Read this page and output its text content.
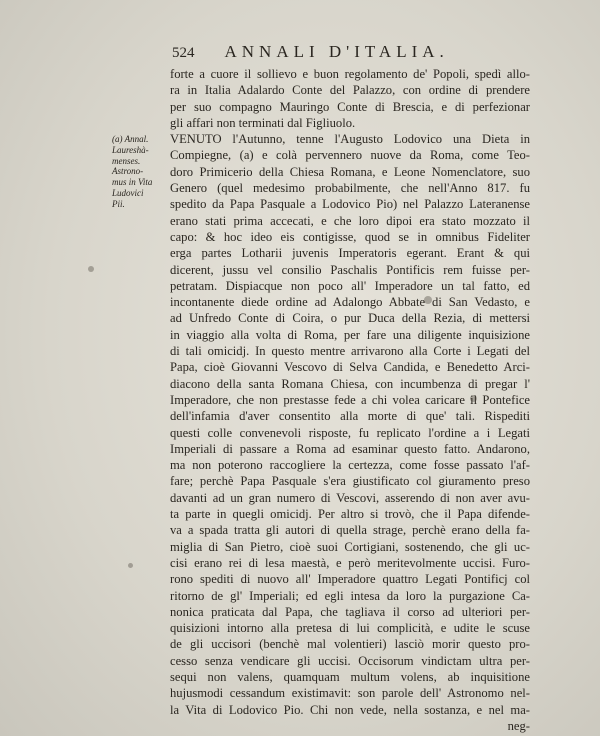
524 ANNALI D'ITALIA.
(a) Annal.
Laureshà-
menses.
Astrono-
mus in Vita
Ludovici
Pii.
forte a cuore il sollievo e buon regolamento de' Popoli, spedì allo-
ra in Italia Adalardo Conte del Palazzo, con ordine di prendere
per suo compagno Mauringo Conte di Brescia, e di perfezionar
gli affari non terminati dal Figliuolo.
VENUTO l'Autunno, tenne l'Augusto Lodovico una Dieta in
Compiegne, (a) e colà pervennero nuove da Roma, come Teo-
doro Primicerio della Chiesa Romana, e Leone Nomenclatore, suo
Genero (quel medesimo probabilmente, che nell'Anno 817. fu
spedito da Papa Pasquale a Lodovico Pio) nel Palazzo Lateranense
erano stati prima accecati, e che loro dipoi era stato mozzato il
capo: & hoc ideo eis contigisse, quod se in omnibus Fideliter
erga partes Lotharii juvenis Imperatoris egerant. Erant & qui
dicerent, jussu vel consilio Paschalis Pontificis rem fuisse per-
petratam. Dispiacque non poco all' Imperadore un tal fatto, ed
incontanente diede ordine ad Adalongo Abbate di San Vedasto, e
ad Unfredo Conte di Coira, o pur Duca della Rezia, di mettersi
in viaggio alla volta di Roma, per fare una diligente inquisizione
di tali omicidj. In questo mentre arrivarono alla Corte i Legati del
Papa, cioè Giovanni Vescovo di Selva Candida, e Benedetto Arci-
diacono della santa Romana Chiesa, con incumbenza di pregar l'
Imperadore, che non prestasse fede a chi volea caricare il Pontefice
dell'infamia d'aver consentito alla morte di que' tali. Rispediti
questi colle convenevoli risposte, fu replicato l'ordine a i Legati
Imperiali di passare a Roma ad esaminar questo fatto. Andarono,
ma non poterono raccogliere la certezza, come fosse passato l'af-
fare; perchè Papa Pasquale s'era giustificato col giuramento preso
davanti ad un gran numero di Vescovi, asserendo di non aver avu-
ta parte in quegli omicidj. Per altro si trovò, che il Papa difende-
va a spada tratta gli autori di quella strage, perchè erano della fa-
miglia di San Pietro, cioè suoi Cortigiani, sostenendo, che gli uc-
cisi erano rei di lesa maestà, e però meritevolmente uccisi. Furo-
rono spediti di nuovo all' Imperadore quattro Legati Pontificj col
ritorno de gl' Imperiali; ed egli intesa da loro la purgazione Ca-
nonica praticata dal Papa, che tagliava il corso ad ulteriori per-
quisizioni intorno alla pretesa di lui complicità, e udite le scuse
de gli uccisori (benchè mal volentieri) lasciò morir questo pro-
cesso senza vendicare gli uccisi. Occisorum vindictam ultra per-
sequi non valens, quamquam multum volens, ab inquisitione
hujusmodi cessandum existimavit: son parole dell' Astronomo nel-
la Vita di Lodovico Pio. Chi non vede, nella sostanza, e nel ma-
neg-
